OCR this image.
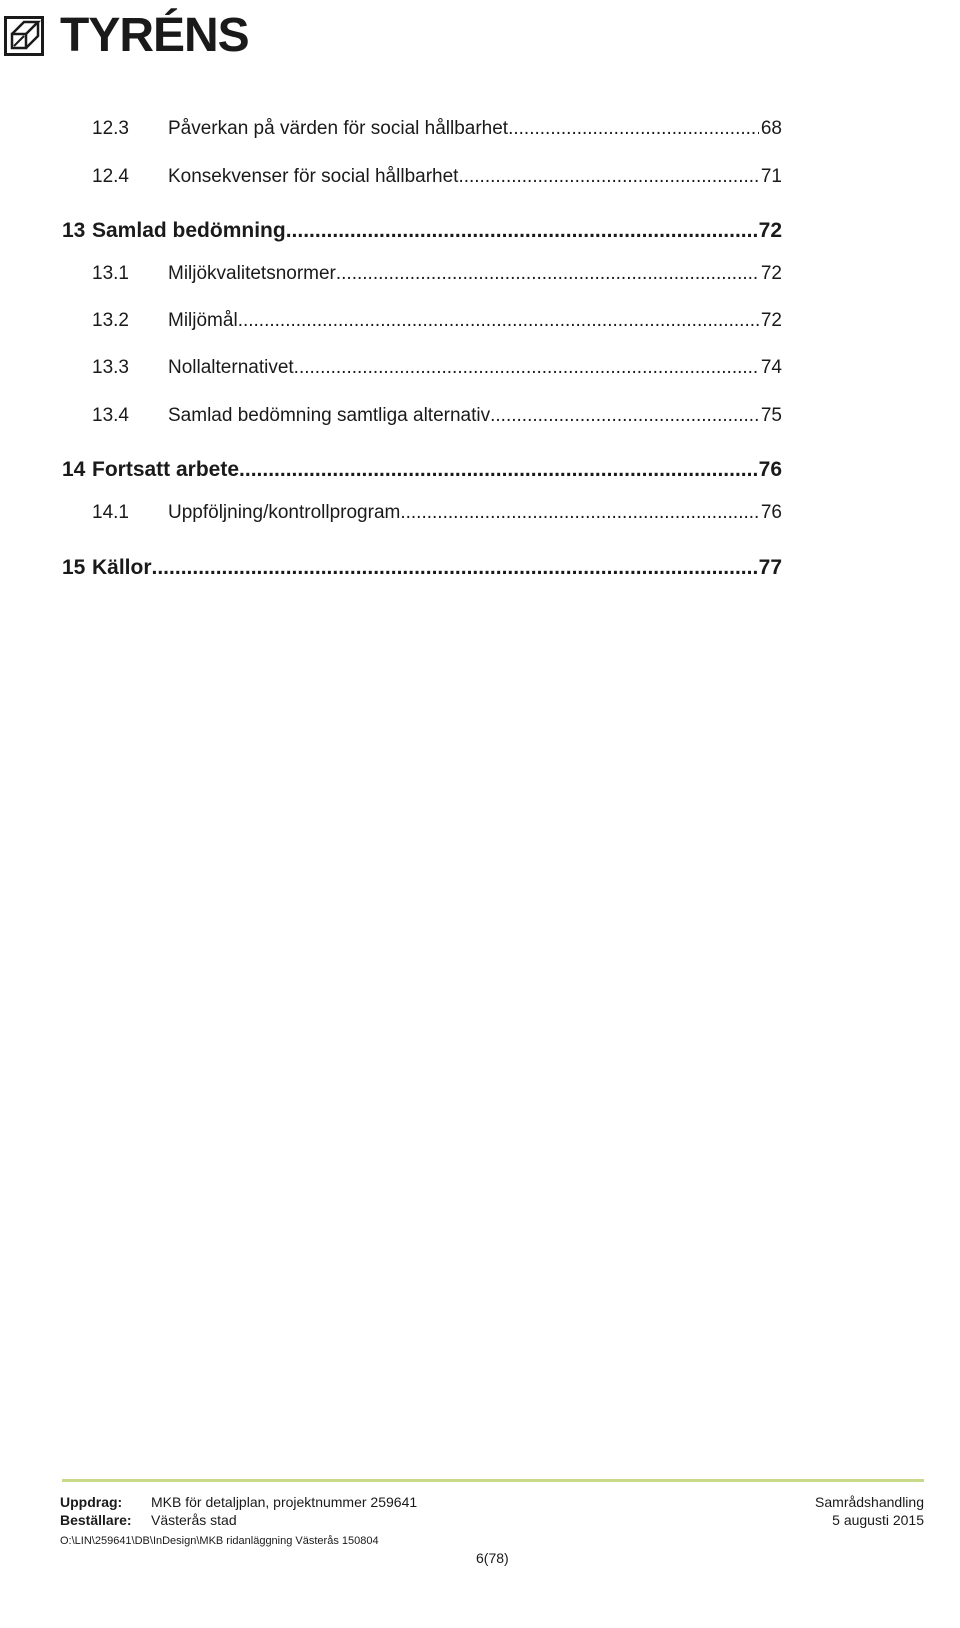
TYRÉNS
12.3 Påverkan på värden för social hållbarhet .....	68
12.4 Konsekvenser för social hållbarhet .....	71
13 Samlad bedömning .....	72
13.1 Miljökvalitetsnormer .....	72
13.2 Miljömål .....	72
13.3 Nollalternativet .....	74
13.4 Samlad bedömning samtliga alternativ .....	75
14 Fortsatt arbete .....	76
14.1 Uppföljning/kontrollprogram .....	76
15 Källor .....	77
Uppdrag: MKB för detaljplan, projektnummer 259641
Beställare: Västerås stad
Samrådshandling
5 augusti 2015
O:\LIN\259641\DB\InDesign\MKB ridanläggning Västerås 150804
6(78)
